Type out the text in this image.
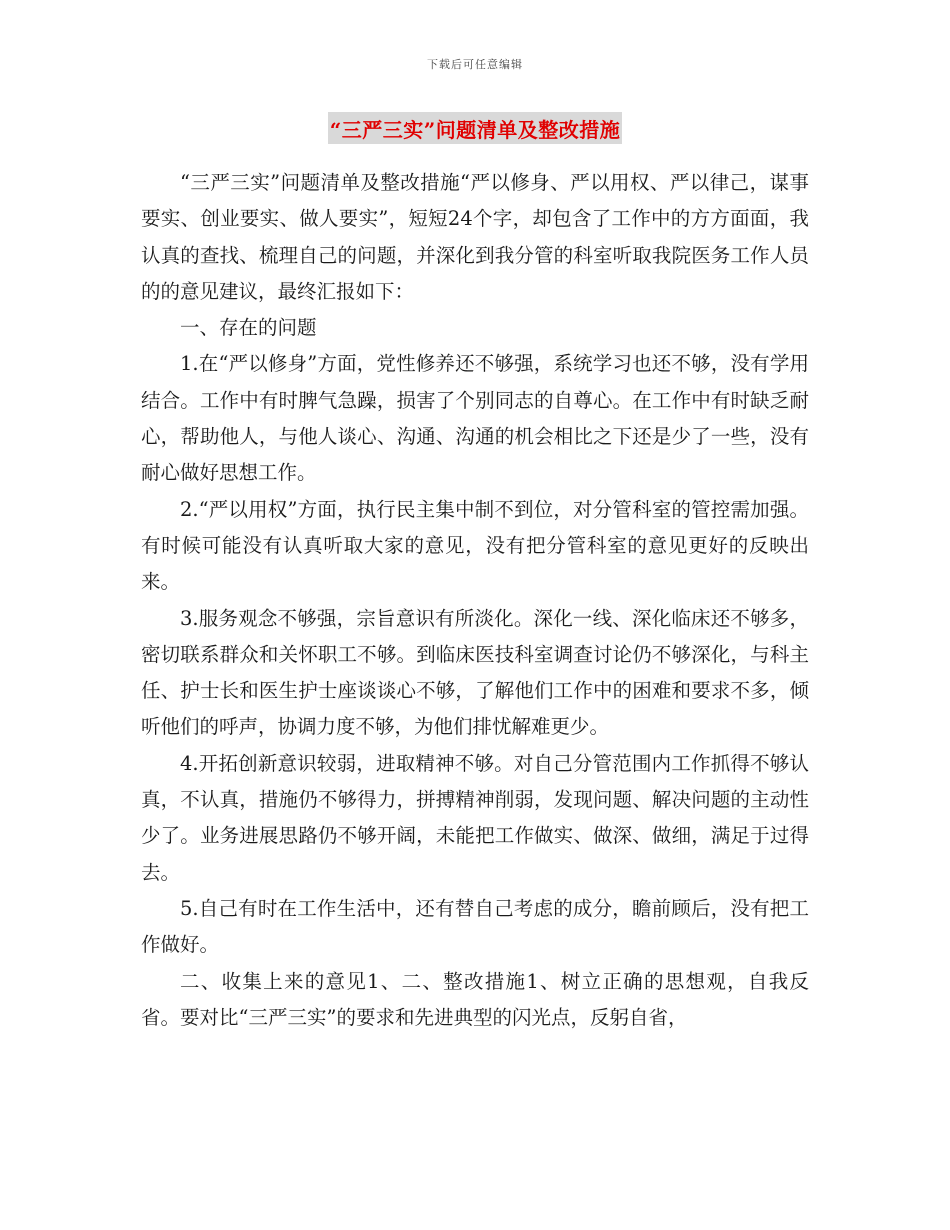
下载后可任意编辑
“三严三实”问题清单及整改措施

“三严三实”问题清单及整改措施“严以修身、严以用权、严以律己，谋事要实、创业要实、做人要实”，短短24个字，却包含了工作中的方方面面，我认真的查找、梳理自己的问题，并深化到我分管的科室听取我院医务工作人员的的意见建议，最终汇报如下：

一、存在的问题

1.在“严以修身”方面，党性修养还不够强，系统学习也还不够，没有学用结合。工作中有时脾气急躁，损害了个别同志的自尊心。在工作中有时缺乏耐心，帮助他人，与他人谈心、沟通、沟通的机会相比之下还是少了一些，没有耐心做好思想工作。

2.“严以用权”方面，执行民主集中制不到位，对分管科室的管控需加强。有时候可能没有认真听取大家的意见，没有把分管科室的意见更好的反映出来。

3.服务观念不够强，宗旨意识有所淡化。深化一线、深化临床还不够多，密切联系群众和关怀职工不够。到临床医技科室调查讨论仍不够深化，与科主任、护士长和医生护士座谈谈心不够，了解他们工作中的困难和要求不多，倾听他们的呼声，协调力度不够，为他们排忧解难更少。

4.开拓创新意识较弱，进取精神不够。对自己分管范围内工作抓得不够认真，不认真，措施仍不够得力，拼搏精神削弱，发现问题、解决问题的主动性少了。业务进展思路仍不够开阔，未能把工作做实、做深、做细，满足于过得去。

5.自己有时在工作生活中，还有替自己考虑的成分，瞻前顾后，没有把工作做好。

二、收集上来的意见1、二、整改措施1、树立正确的思想观，自我反省。要对比“三严三实”的要求和先进典型的闪光点，反躬自省，
